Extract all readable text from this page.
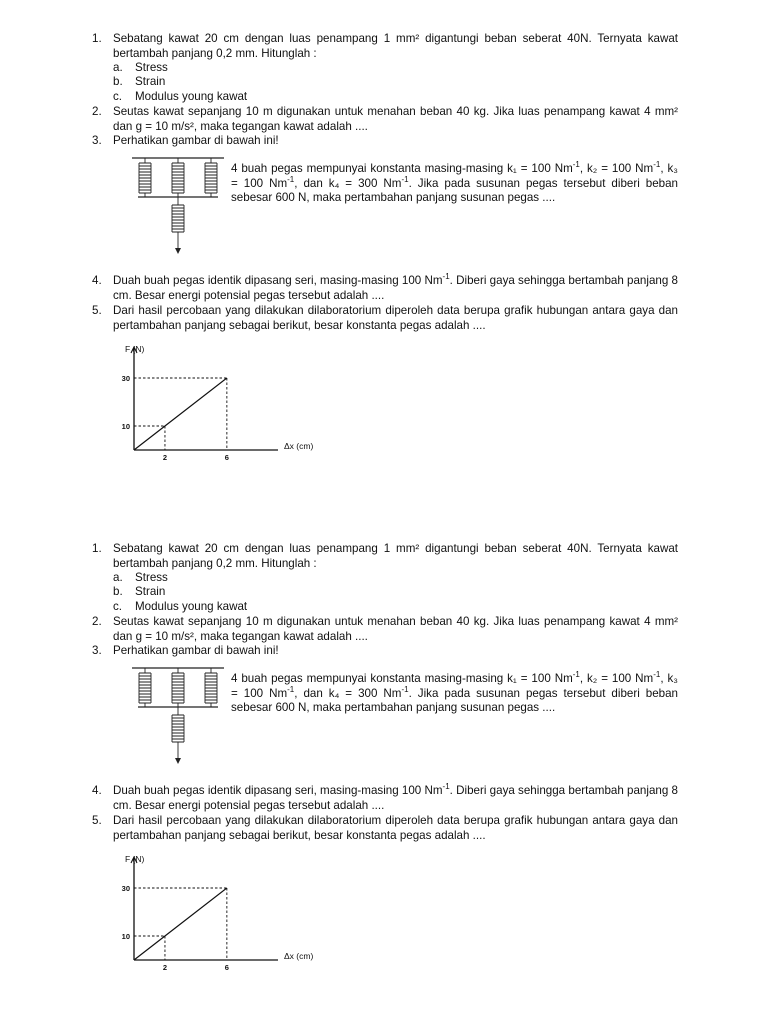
1. Sebatang kawat 20 cm dengan luas penampang 1 mm² digantungi beban seberat 40N. Ternyata kawat bertambah panjang 0,2 mm. Hitunglah :

a.	Stress
b.	Strain
c.	Modulus young kawat
2. Seutas kawat sepanjang 10 m digunakan untuk menahan beban 40 kg. Jika luas penampang kawat 4 mm² dan g = 10 m/s², maka tegangan kawat adalah ....

3. Perhatikan gambar di bawah ini!

4 buah pegas mempunyai konstanta masing-masing k₁ = 100 $Nm^{-1}$, k₂ = 100 $Nm^{-1}$, k₃ = 100 $Nm^{-1}$, dan k₄ = 300 $Nm^{-1}$. Jika pada susunan pegas tersebut diberi beban sebesar 600 N, maka pertambahan panjang susunan pegas ....
4. Duah buah pegas identik dipasang seri, masing-masing 100 $Nm^{-1}$. Diberi gaya sehingga bertambah panjang 8 cm. Besar energi potensial pegas tersebut adalah ....

5. Dari hasil percobaan yang dilakukan dilaboratorium diperoleh data berupa grafik hubungan antara gaya dan pertambahan panjang sebagai berikut, besar konstanta pegas adalah ....

F (N)
Δx (cm)
10
2
30
6
1. Sebatang kawat 20 cm dengan luas penampang 1 mm² digantungi beban seberat 40N. Ternyata kawat bertambah panjang 0,2 mm. Hitunglah :

a.	Stress
b.	Strain
c.	Modulus young kawat
2. Seutas kawat sepanjang 10 m digunakan untuk menahan beban 40 kg. Jika luas penampang kawat 4 mm² dan g = 10 m/s², maka tegangan kawat adalah ....

3. Perhatikan gambar di bawah ini!

4 buah pegas mempunyai konstanta masing-masing k₁ = 100 $Nm^{-1}$, k₂ = 100 $Nm^{-1}$, k₃ = 100 $Nm^{-1}$, dan k₄ = 300 $Nm^{-1}$. Jika pada susunan pegas tersebut diberi beban sebesar 600 N, maka pertambahan panjang susunan pegas ....
4. Duah buah pegas identik dipasang seri, masing-masing 100 $Nm^{-1}$. Diberi gaya sehingga bertambah panjang 8 cm. Besar energi potensial pegas tersebut adalah ....

5. Dari hasil percobaan yang dilakukan dilaboratorium diperoleh data berupa grafik hubungan antara gaya dan pertambahan panjang sebagai berikut, besar konstanta pegas adalah ....

F (N)
Δx (cm)
10
2
30
6
